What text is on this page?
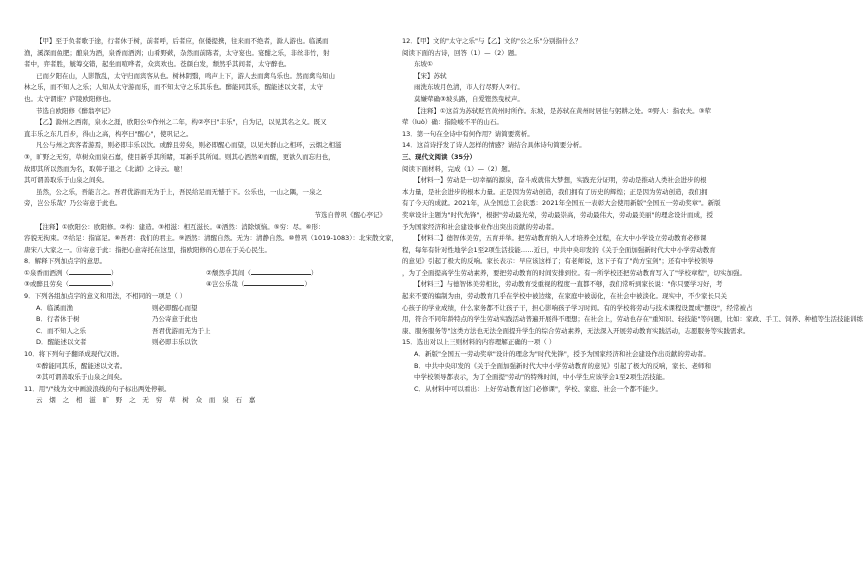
【甲】至于负者歌于途，行者休于树，前者呼，后者应，伛偻提携，往来而不绝者，滁人游也。临溪而

渔，溪深而鱼肥；酿泉为酒，泉香而酒洌；山肴野蔌，杂然而前陈者，太守宴也。宴酣之乐，非丝非竹，射

者中，弈者胜，觥筹交错，起坐而喧哗者，众宾欢也。苍颜白发，颓然乎其间者，太守醉也。

已而夕阳在山，人影散乱，太守归而宾客从也。树林阴翳，鸣声上下，游人去而禽鸟乐也。然而禽鸟知山

林之乐，而不知人之乐；人知从太守游而乐，而不知太守之乐其乐也。醉能同其乐，醒能述以文者，太守

也。太守谓谁？庐陵欧阳修也。

节选自欧阳修《醉翁亭记》

【乙】滁州之西南，泉水之涯，欧阳公①作州之二年，构②亭曰"丰乐"，自为记，以见其名之义。既又

直丰乐之东几百步，得山之高，构亭曰"醒心"，使巩记之。

凡公与州之宾客者游焉，则必即丰乐以饮。或醉且劳矣，则必即醒心而望，以见夫群山之相环，云烟之相滋

③，旷野之无穷，草树众而泉石嘉，使目新乎其所睹，耳新乎其所闻。则其心洒然④而醒，更欲久而忘归也，

故即其所以然而为名，取韩子退之《北湖》之诗云。噫！

其可谓善取乐于山泉之间矣。

虽然，公之乐，吾能言之。吾君优游而无为于上，吾民给足而无憾于下。公乐也，一山之隅，一泉之

旁，岂公乐哉？乃公寄意于此也。

节选自曾巩《醒心亭记》

【注释】①欧阳公：欧阳修。②构：建造。③相滋：相互滋长。④洒然：消除烦恼。⑤穷：尽。⑥形：

容貌无拘束。⑦给足：指富足。⑧吾君：我们的君主。⑨洒然：清醒自然。无为：清静自然。⑩曾巩（1019-1083）：北宋散文家，

唐宋八大家之一。⑪寄意于此：指把心意寄托在这里，指欧阳修的心思在于关心民生。

8．解释下列加点字的意思。

①泉香而酒洌（ ）	②颓然乎其间（ ）
③或醉且劳矣（ ）	④岂公乐哉（ ）

9．下列各组加点字的意义和用法，不相同的一项是（ ）

A．临溪而渔	则必即醒心而望
B．行者休于树	乃公寄意于此也
C．而不知人之乐	吾君优游而无为于上
D．醒能述以文者	则必即丰乐以饮

10．将下列句子翻译成现代汉语。

①醉能同其乐，醒能述以文者。

②其可谓善取乐于山泉之间矣。

11．用"/"线为文中画波浪线的句子标出两处停顿。

云烟之相滋旷野之无穷草树众而泉石嘉

12．【甲】文的"太守之乐"与【乙】文的"公之乐"分别指什么？

阅读下面的古诗，回答（1）—（2）题。

东坡①

【宋】苏轼

雨洗东坡月色清，市人行尽野人②行。

莫嫌荦确③坡头路，自爱铿然曳杖声。

【注释】①这首为苏轼贬官黄州时所作。东坡，是苏轼在黄州时居住与躬耕之处。②野人：指农夫。③荦

荦（luò）确：指险峻不平的山石。

13．第一句在全诗中有何作用？请简要赏析。

14．这首诗抒发了诗人怎样的情感？请结合具体诗句简要分析。

三、现代文阅读（35分）

阅读下面材料，完成（1）—（2）题。

【材料一】劳动是一切幸福的源泉，奋斗成就伟大梦想，实践充分证明，劳动是推动人类社会进步的根

本力量，是社会进步的根本力量。正是因为劳动创造，我们拥有了历史的辉煌；正是因为劳动创造，我们拥

有了今天的成就。2021年，从全国总工会获悉：2021年全国五一表彰大会使用新版"全国五一劳动奖章"。新版

奖章设计主题为"时代先锋"，根据"劳动最光荣，劳动最崇高，劳动最伟大，劳动最美丽"的理念设计而成，授

予为国家经济和社会建设事业作出突出贡献的劳动者。

【材料二】德智体美劳，五育并举。把劳动教育纳入人才培养全过程，在大中小学设立劳动教育必修课

程，每年有针对性地学会1至2项生活技能……近日，中共中央印发的《关于全面加强新时代大中小学劳动教育

的意见》引起了极大的反响。家长表示：早应该这样了；有老师说，这下子有了"尚方宝剑"；还有中学校领导

，为了全面提高学生劳动素养，要把劳动教育的时间安排到位。有一所学校还把劳动教育写入了"学校章程"，切实加强。

【材料三】与德智体美劳相比，劳动教育受重视的程度一直都不够，我们常听到家长说："你只要学习好，考

起来不要的编制为由，劳动教育几乎在学校中被边缘，在家庭中被弱化，在社会中被淡化。现实中，不少家长只关

心孩子的学业成绩，什么家务都不让孩子干，担心影响孩子学习时间。有的学校将劳动与技术课程设置成"摆设"，经常被占

用，符合不同年龄特点的学生劳动实践活动普遍开展得不理想；在社会上，劳动也存在"重知识、轻技能"等问题，比如：家政、手工、饲养、种植等生活技能训练

康、服务服务等"这类方法也无法全面提升学生的综合劳动素养，无法深入开展劳动教育实践活动，志愿服务等实践需求。

15．选出对以上三则材料的内容理解正确的一项（ ）

A．新版"全国五一劳动奖章"设计的理念为"时代先锋"，授予为国家经济和社会建设作出贡献的劳动者。

B．中共中央印发的《关于全面加强新时代大中小学劳动教育的意见》引起了极大的反响，家长、老师和

中学校领导都表示，为了全面提"劳动"的特殊时间，中小学生应该学会1至2项生活技能。

C．从材料中可以看出：上好劳动教育这门必修课"，学校、家庭、社会一个都不能少。
